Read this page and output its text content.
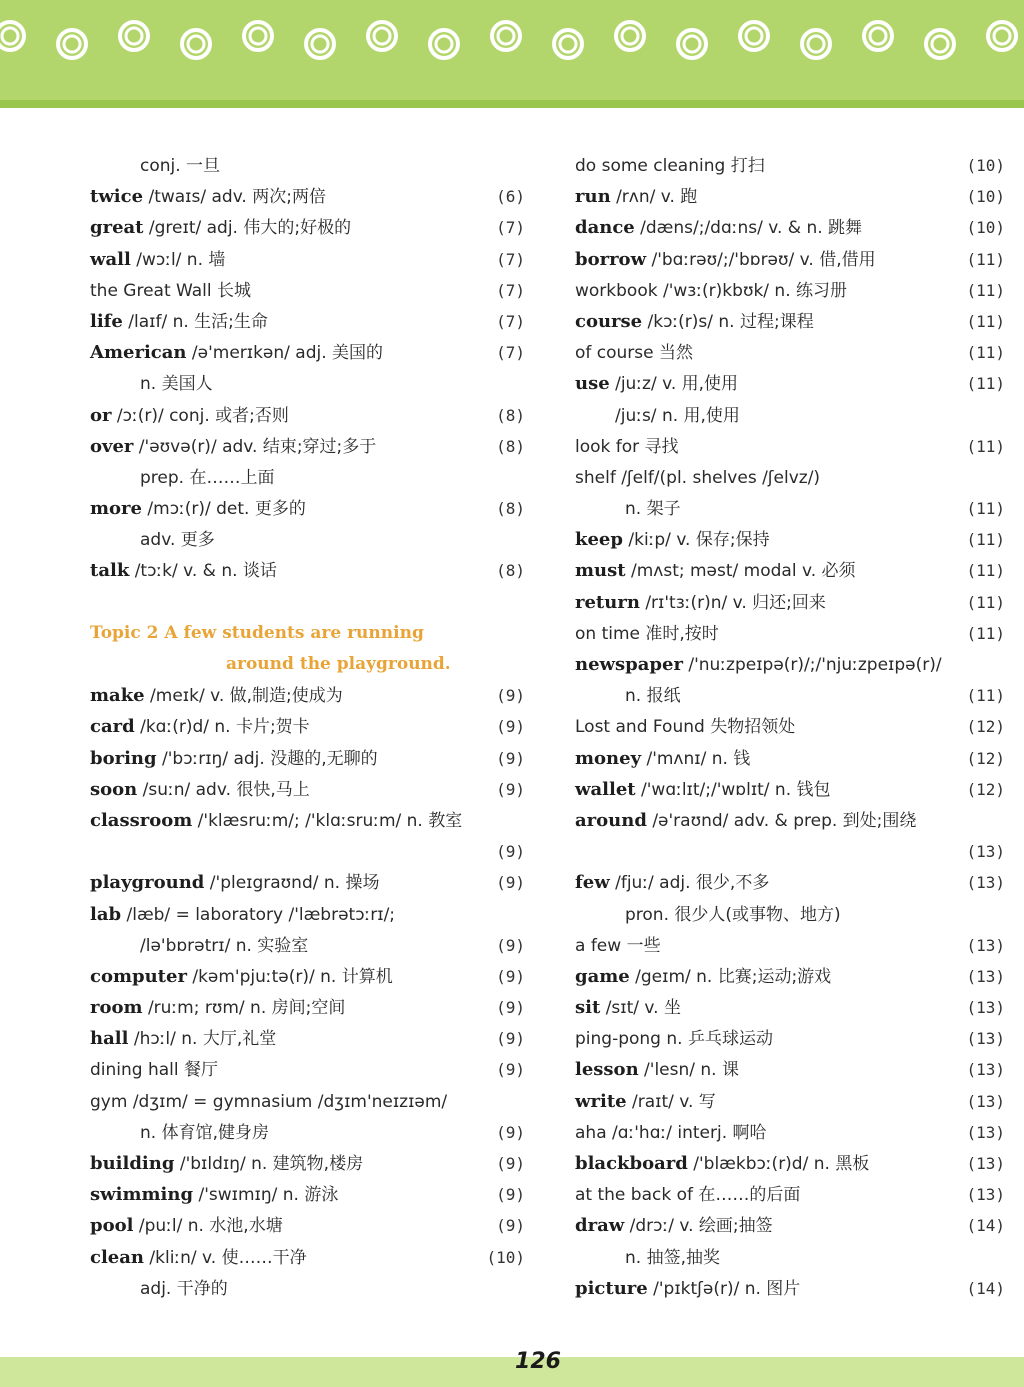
conj. 一旦
twice /twaɪs/ adv. 两次;两倍	(6)
great /greɪt/ adj. 伟大的;好极的	(7)
wall /wɔːl/ n. 墙	(7)
the Great Wall 长城	(7)
life /laɪf/ n. 生活;生命	(7)
American /ə'merɪkən/ adj. 美国的	(7)
n. 美国人
or /ɔː(r)/ conj. 或者;否则	(8)
over /'əʊvə(r)/ adv. 结束;穿过;多于	(8)
prep. 在……上面
more /mɔː(r)/ det. 更多的	(8)
adv. 更多
talk /tɔːk/ v. & n. 谈话	(8)
Topic 2 A few students are running
around the playground.
make /meɪk/ v. 做,制造;使成为	(9)
card /kɑː(r)d/ n. 卡片;贺卡	(9)
boring /'bɔːrɪŋ/ adj. 没趣的,无聊的	(9)
soon /suːn/ adv. 很快,马上	(9)
classroom /'klæsruːm/; /'klɑːsruːm/ n. 教室
(9)
playground /'pleɪgraʊnd/ n. 操场	(9)
lab /læb/ = laboratory /'læbrətɔːrɪ/;
/lə'bɒrətrɪ/ n. 实验室	(9)
computer /kəm'pjuːtə(r)/ n. 计算机	(9)
room /ruːm; rʊm/ n. 房间;空间	(9)
hall /hɔːl/ n. 大厅,礼堂	(9)
dining hall 餐厅	(9)
gym /dʒɪm/ = gymnasium /dʒɪm'neɪzɪəm/
n. 体育馆,健身房	(9)
building /'bɪldɪŋ/ n. 建筑物,楼房	(9)
swimming /'swɪmɪŋ/ n. 游泳	(9)
pool /puːl/ n. 水池,水塘	(9)
clean /kliːn/ v. 使……干净	(10)
adj. 干净的
do some cleaning 打扫	(10)
run /rʌn/ v. 跑	(10)
dance /dæns/;/dɑːns/ v. & n. 跳舞	(10)
borrow /'bɑːrəʊ/;/'bɒrəʊ/ v. 借,借用	(11)
workbook /'wɜː(r)kbʊk/ n. 练习册	(11)
course /kɔː(r)s/ n. 过程;课程	(11)
of course 当然	(11)
use /juːz/ v. 用,使用	(11)
/juːs/ n. 用,使用
look for 寻找	(11)
shelf /ʃelf/(pl. shelves /ʃelvz/)
n. 架子	(11)
keep /kiːp/ v. 保存;保持	(11)
must /mʌst; məst/ modal v. 必须	(11)
return /rɪ'tɜː(r)n/ v. 归还;回来	(11)
on time 准时,按时	(11)
newspaper /'nuːzpeɪpə(r)/;/'njuːzpeɪpə(r)/
n. 报纸	(11)
Lost and Found 失物招领处	(12)
money /'mʌnɪ/ n. 钱	(12)
wallet /'wɑːlɪt/;/'wɒlɪt/ n. 钱包	(12)
around /ə'raʊnd/ adv. & prep. 到处;围绕
(13)
few /fjuː/ adj. 很少,不多	(13)
pron. 很少人(或事物、地方)
a few 一些	(13)
game /geɪm/ n. 比赛;运动;游戏	(13)
sit /sɪt/ v. 坐	(13)
ping-pong n. 乒乓球运动	(13)
lesson /'lesn/ n. 课	(13)
write /raɪt/ v. 写	(13)
aha /ɑː'hɑː/ interj. 啊哈	(13)
blackboard /'blækbɔː(r)d/ n. 黑板	(13)
at the back of 在……的后面	(13)
draw /drɔː/ v. 绘画;抽签	(14)
n. 抽签,抽奖
picture /'pɪktʃə(r)/ n. 图片	(14)
126
